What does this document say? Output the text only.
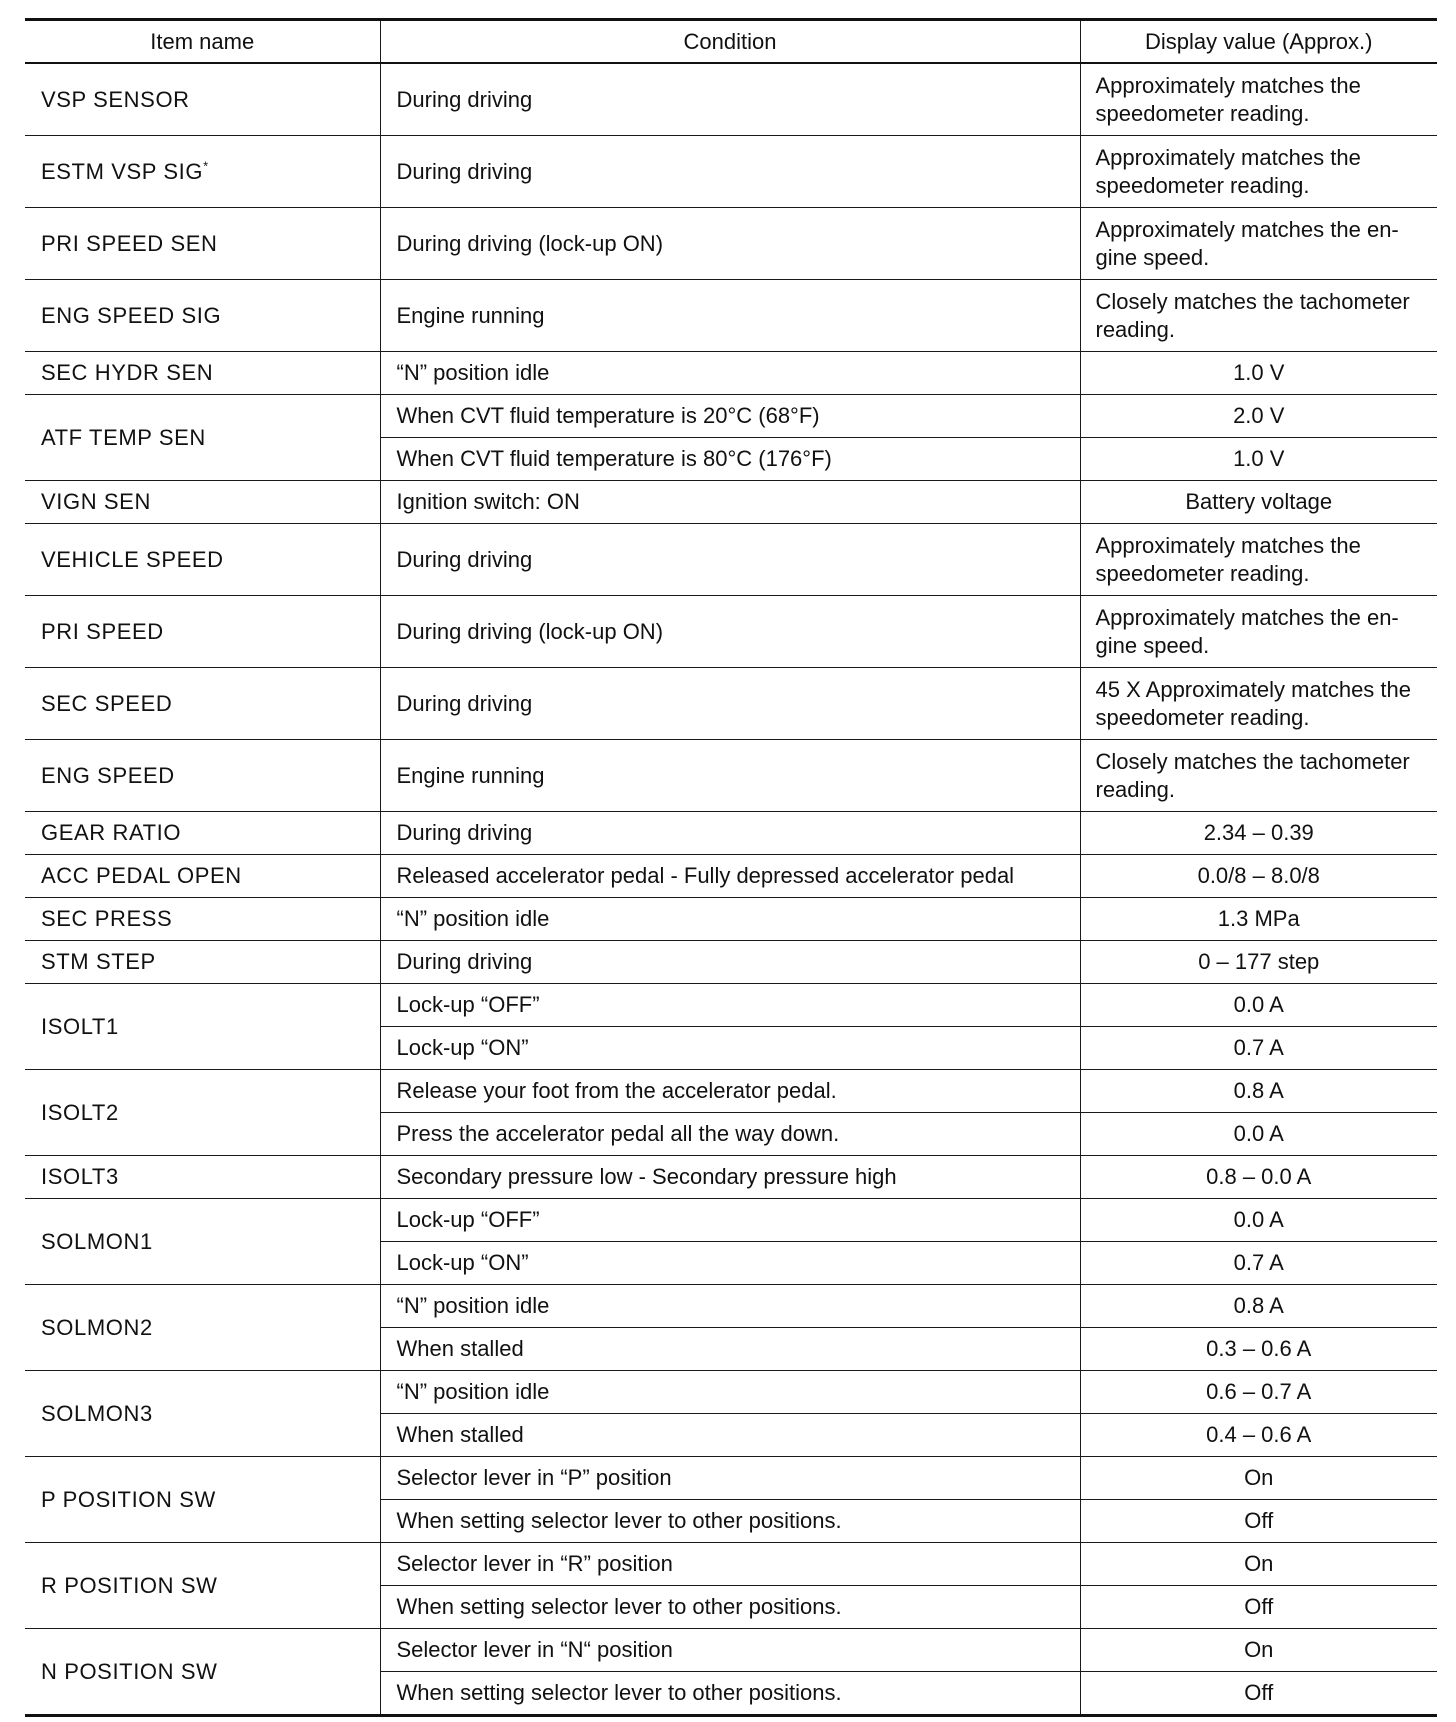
Item name	Condition	Display value (Approx.)
VSP SENSOR	During driving	Approximately matches the speedometer reading.
ESTM VSP SIG*	During driving	Approximately matches the speedometer reading.
PRI SPEED SEN	During driving (lock-up ON)	Approximately matches the en-gine speed.
ENG SPEED SIG	Engine running	Closely matches the tachometer reading.
SEC HYDR SEN	“N” position idle	1.0 V
ATF TEMP SEN	When CVT fluid temperature is 20°C (68°F)	2.0 V
	When CVT fluid temperature is 80°C (176°F)	1.0 V
VIGN SEN	Ignition switch: ON	Battery voltage
VEHICLE SPEED	During driving	Approximately matches the speedometer reading.
PRI SPEED	During driving (lock-up ON)	Approximately matches the en-gine speed.
SEC SPEED	During driving	45 X Approximately matches the speedometer reading.
ENG SPEED	Engine running	Closely matches the tachometer reading.
GEAR RATIO	During driving	2.34 – 0.39
ACC PEDAL OPEN	Released accelerator pedal - Fully depressed accelerator pedal	0.0/8 – 8.0/8
SEC PRESS	“N” position idle	1.3 MPa
STM STEP	During driving	0 – 177 step
ISOLT1	Lock-up “OFF”	0.0 A
	Lock-up “ON”	0.7 A
ISOLT2	Release your foot from the accelerator pedal.	0.8 A
	Press the accelerator pedal all the way down.	0.0 A
ISOLT3	Secondary pressure low - Secondary pressure high	0.8 – 0.0 A
SOLMON1	Lock-up “OFF”	0.0 A
	Lock-up “ON”	0.7 A
SOLMON2	“N” position idle	0.8 A
	When stalled	0.3 – 0.6 A
SOLMON3	“N” position idle	0.6 – 0.7 A
	When stalled	0.4 – 0.6 A
P POSITION SW	Selector lever in “P” position	On
	When setting selector lever to other positions.	Off
R POSITION SW	Selector lever in “R” position	On
	When setting selector lever to other positions.	Off
N POSITION SW	Selector lever in “N“ position	On
	When setting selector lever to other positions.	Off
